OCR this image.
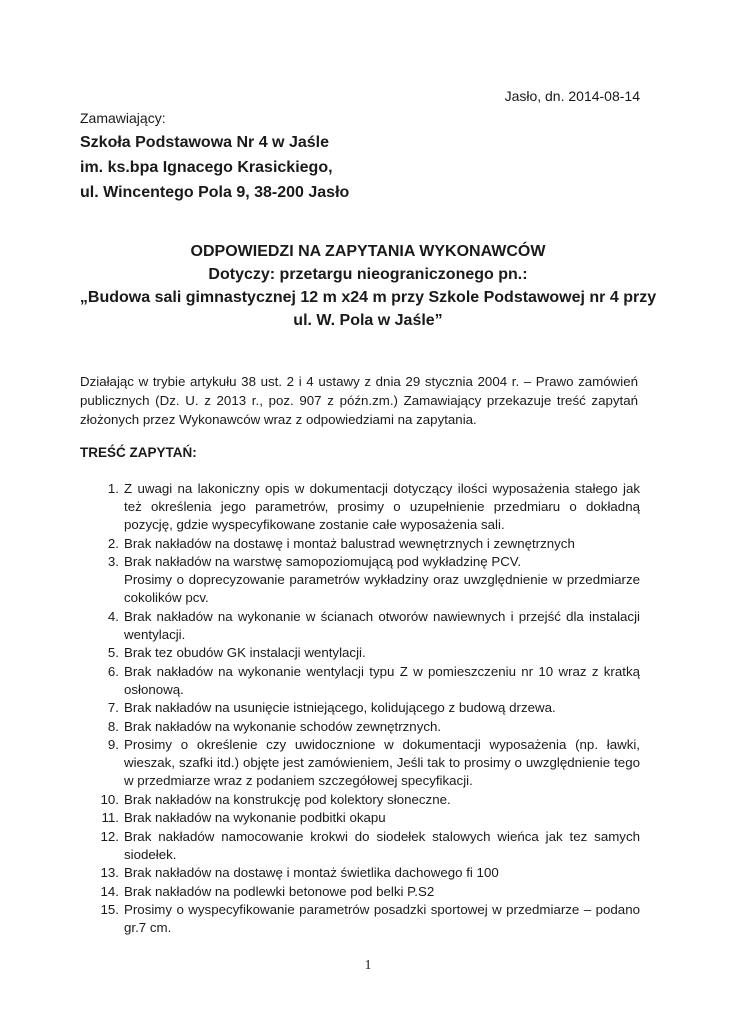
Jasło, dn. 2014-08-14
Zamawiający:
Szkoła Podstawowa Nr 4 w Jaśle
im. ks.bpa Ignacego Krasickiego,
ul. Wincentego Pola 9, 38-200 Jasło
ODPOWIEDZI NA ZAPYTANIA WYKONAWCÓW
Dotyczy: przetargu nieograniczonego pn.:
„Budowa sali gimnastycznej 12 m x24 m przy Szkole Podstawowej nr 4 przy
ul. W. Pola w Jaśle”
Działając w trybie artykułu 38 ust. 2 i 4 ustawy z dnia 29 stycznia 2004 r. – Prawo zamówień publicznych (Dz. U. z 2013 r., poz. 907 z późn.zm.) Zamawiający przekazuje treść zapytań złożonych przez Wykonawców wraz z odpowiedziami na zapytania.
TREŚĆ ZAPYTAŃ:
1. Z uwagi na lakoniczny opis w dokumentacji dotyczący ilości wyposażenia stałego jak też określenia jego parametrów, prosimy o uzupełnienie przedmiaru o dokładną pozycję, gdzie wyspecyfikowane zostanie całe wyposażenia sali.
2. Brak nakładów na dostawę i montaż balustrad wewnętrznych i zewnętrznych
3. Brak nakładów na warstwę samopoziomującą pod wykładzinę PCV.
Prosimy o doprecyzowanie parametrów wykładziny oraz uwzględnienie w przedmiarze cokolików pcv.
4. Brak nakładów na wykonanie w ścianach otworów nawiewnych i przejść dla instalacji wentylacji.
5. Brak tez obudów GK instalacji wentylacji.
6. Brak nakładów na wykonanie wentylacji typu Z w pomieszczeniu nr 10 wraz z kratką osłonową.
7. Brak nakładów na usunięcie istniejącego, kolidującego z budową drzewa.
8. Brak nakładów na wykonanie schodów zewnętrznych.
9. Prosimy o określenie czy uwidocznione w dokumentacji wyposażenia (np. ławki, wieszak, szafki itd.) objęte jest zamówieniem, Jeśli tak to prosimy o uwzględnienie tego w przedmiarze wraz z podaniem szczegółowej specyfikacji.
10. Brak nakładów na konstrukcję pod kolektory słoneczne.
11. Brak nakładów na wykonanie podbitki okapu
12. Brak nakładów namocowanie krokwi do siodełek stalowych wieńca jak tez samych siodełek.
13. Brak nakładów na dostawę i montaż świetlika dachowego fi 100
14. Brak nakładów na podlewki betonowe pod belki P.S2
15. Prosimy o wyspecyfikowanie parametrów posadzki sportowej w przedmiarze – podano gr.7 cm.
1
